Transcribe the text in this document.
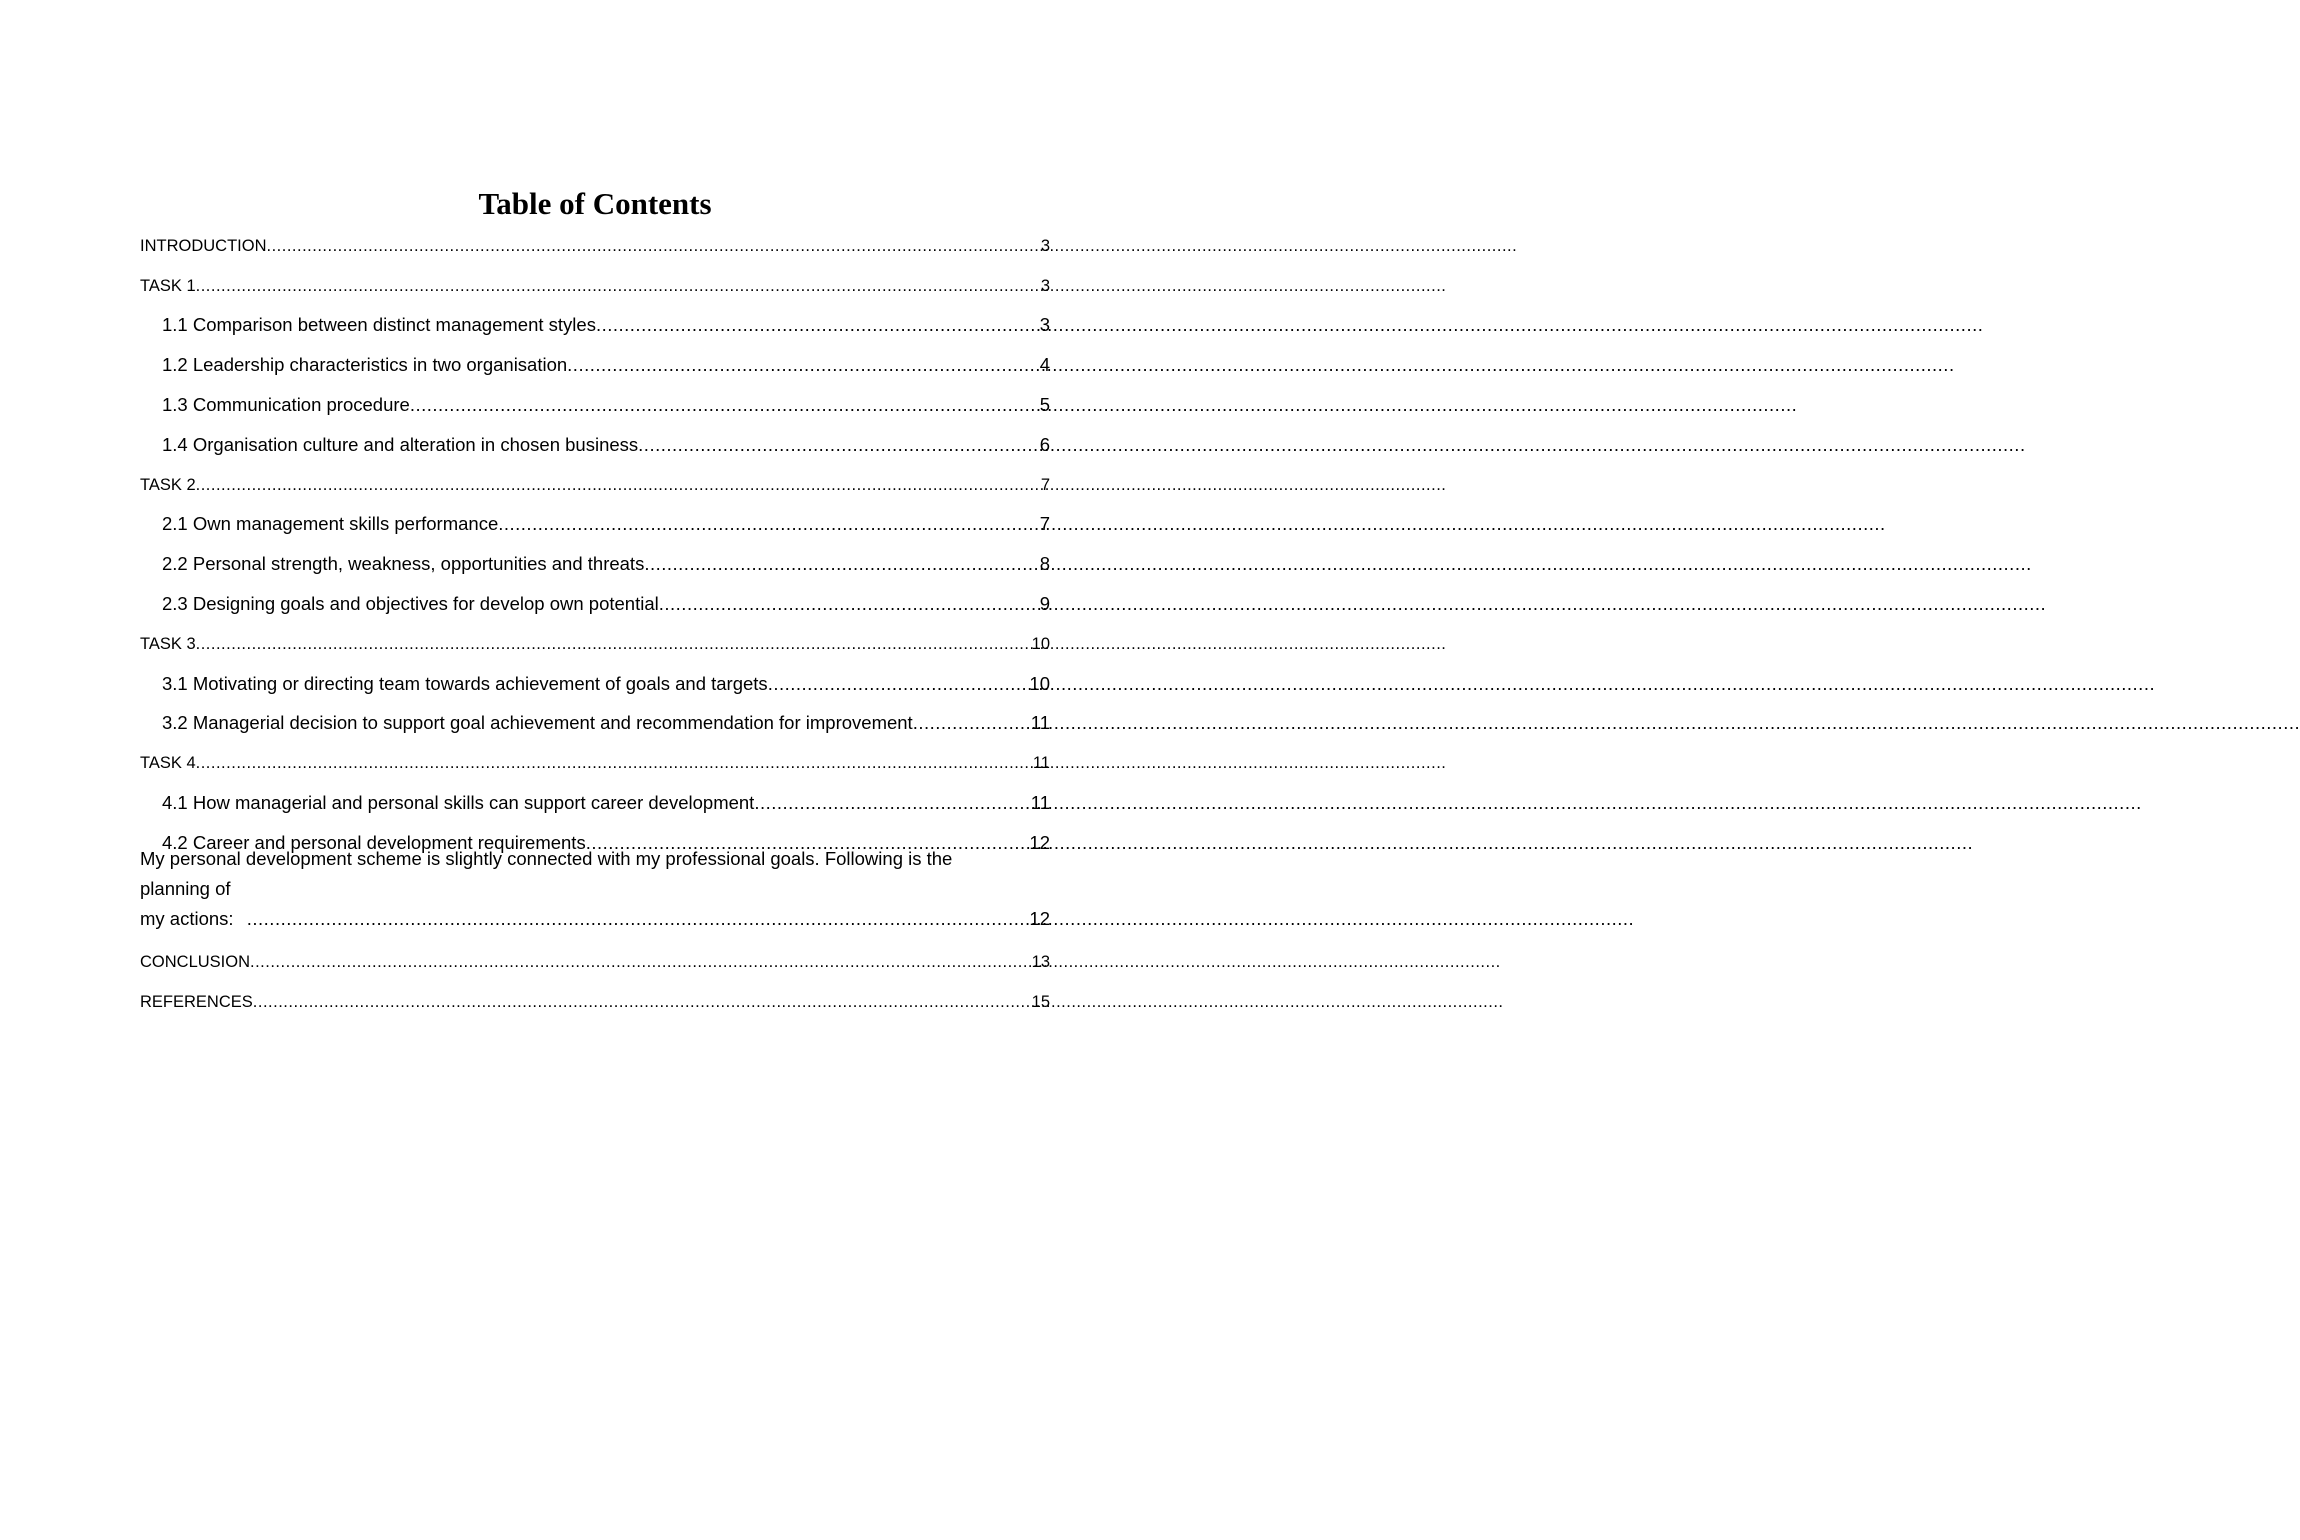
Table of Contents
INTRODUCTION .....	3
TASK 1 .....	3
1.1 Comparison between distinct management styles .....	3
1.2 Leadership characteristics in two organisation .....	4
1.3 Communication procedure .....	5
1.4 Organisation culture and alteration in chosen business .....	6
TASK 2 .....	7
2.1 Own management skills performance .....	7
2.2 Personal strength, weakness, opportunities and threats .....	8
2.3 Designing goals and objectives for develop own potential .....	9
TASK 3 .....	10
3.1 Motivating or directing team towards achievement of goals and targets .....	10
3.2 Managerial decision to support goal achievement and recommendation for improvement .....	11
TASK 4 .....	11
4.1 How managerial and personal skills can support career development .....	11
4.2 Career and personal development requirements .....	12
My personal development scheme is slightly connected with my professional goals. Following is the
planning of my actions: .....	12
CONCLUSION .....	13
REFERENCES .....	15
